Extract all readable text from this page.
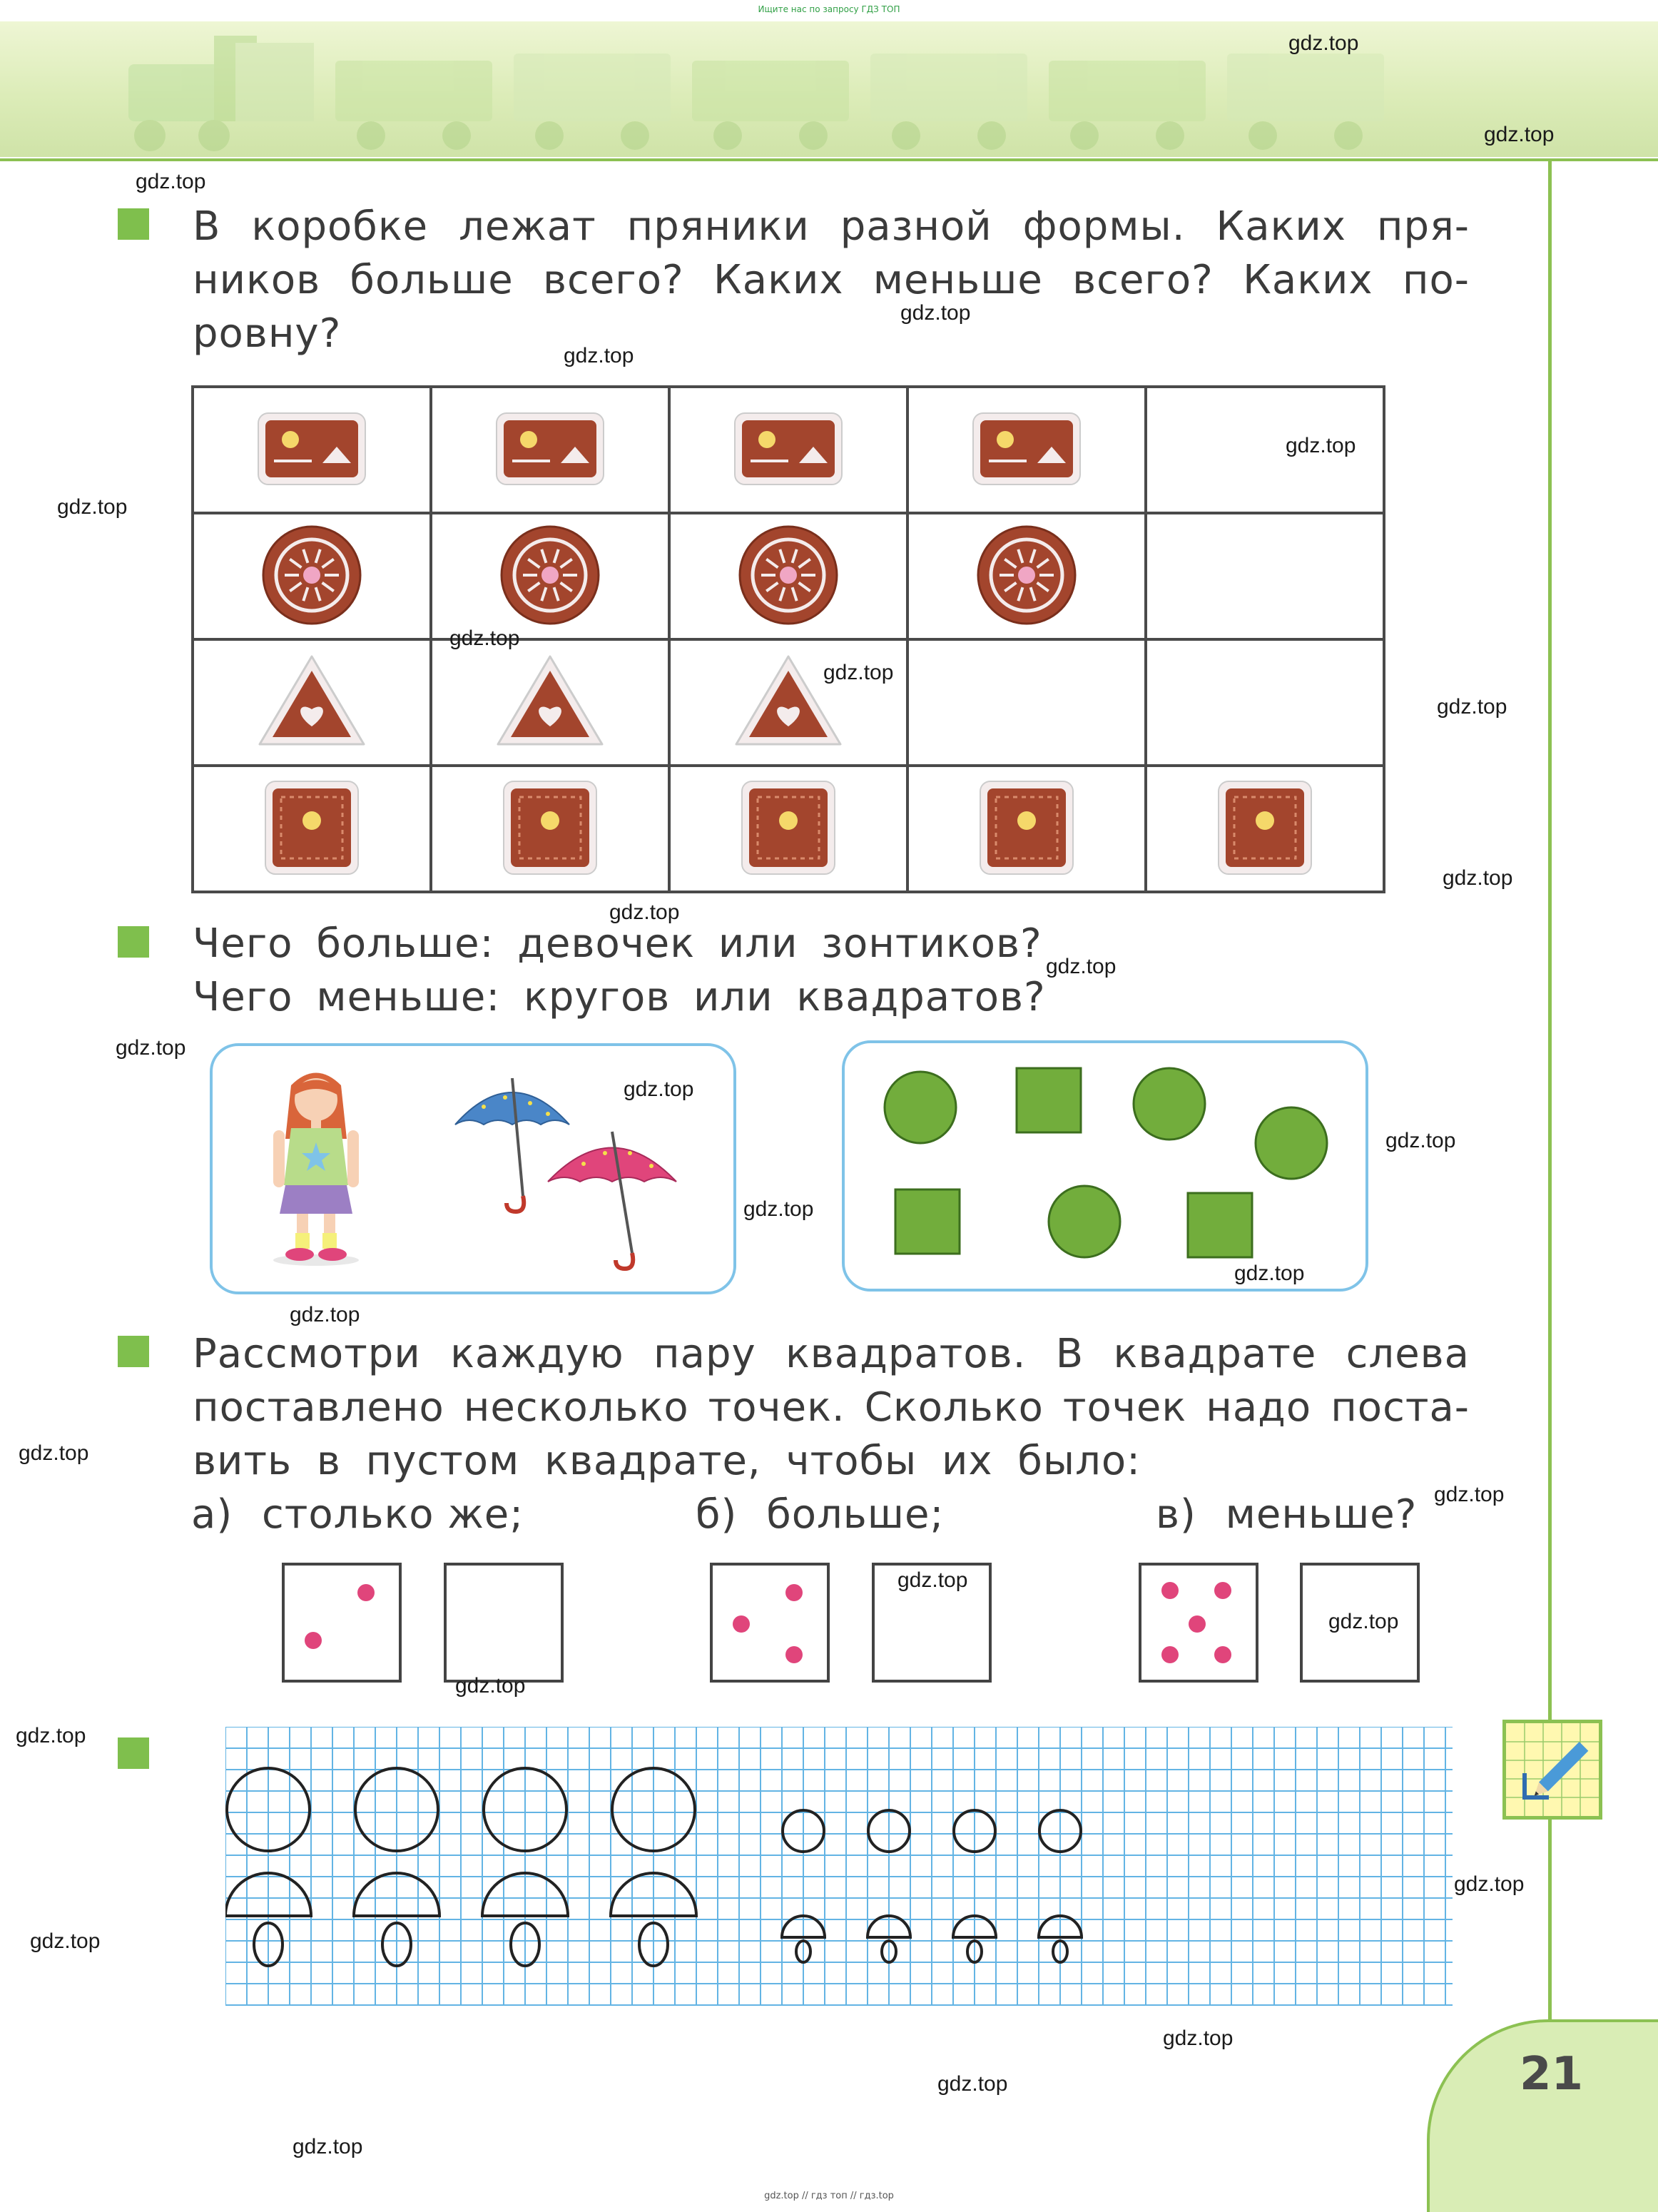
Ищите нас по запросу ГДЗ ТОП
В коробке лежат пряники разной формы. Каких пря-
ников больше всего? Каких меньше всего? Каких по-
ровну?

Чего больше: девочек или зонтиков?
Чего меньше: кругов или квадратов?
Рассмотри каждую пару квадратов. В квадрате слева
поставлено несколько точек. Сколько точек надо поста-
вить в пустом квадрате, чтобы их было:
а) столько же;	б) больше;	в) меньше?
21
gdz.top // гдз топ // гдз.top
gdz.top
gdz.top
gdz.top
gdz.top
gdz.top
gdz.top
gdz.top
gdz.top
gdz.top
gdz.top
gdz.top
gdz.top
gdz.top
gdz.top
gdz.top
gdz.top
gdz.top
gdz.top
gdz.top
gdz.top
gdz.top
gdz.top
gdz.top
gdz.top
gdz.top
gdz.top
gdz.top
gdz.top
gdz.top
gdz.top
